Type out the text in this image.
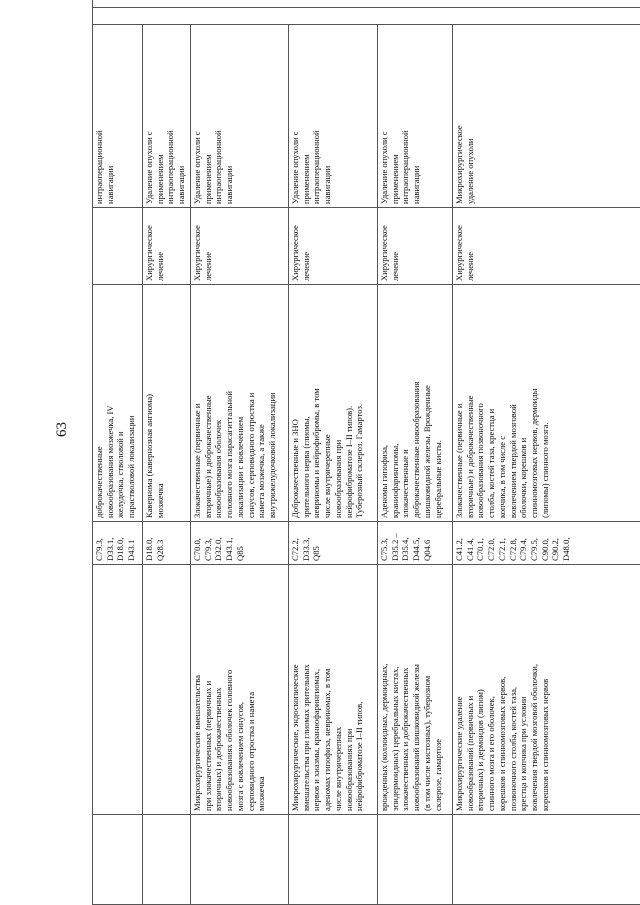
63
C79.3, D33.1, D18.0, D43.1
доброкачественные новообразования мозжечка, IV желудочка, стволовой и параствoловой локализации
интраоперационной навигации
D18.0, Q28.3
Кавернома (кавернозная ангиома) мозжечка
Хирургическое лечение
Удаление опухоли с применением интраоперационной навигации
Микрохирургические вмешательства при злокачественных (первичных и вторичных) и доброкачественных новообразованиях оболочек головного мозга с вовлечением синусов, серповидного отростка и намета мозжечка
C70.0, C79.3, D32.0, D43.1, Q85
Злокачественные (первичные и вторичные) и доброкачественные новообразования оболочек головного мозга парасагиттальной локализации с вовлечением синусов, серповидного отростка и намета мозжечка, а также внутрижелудочковой локализации
Хирургическое лечение
Удаление опухоли с применением интраоперационной навигации
Микрохирургические, эндоскопические вмешательства при глиомах зрительных нервов и хиазмы, краниофарингиомах, аденомах гипофиза, невриномах, в том числе внутричерепных новообразованиях при нейрофиброматозе I–II типов,
C72.2, D33.3, Q85
Доброкачественные и ЗНО зрительного нерва (глиомы, невриномы и нейрофибромы, в том числе внутричерепные новообразования при нейрофиброматозе I–II типов). Туберозный склероз. Гамартоз.
Хирургическое лечение
Удаление опухоли с применением интраоперационной навигации
врожденных (коллоидных, дермоидных, эпидермоидных) церебральных кистах, злокачественных и доброкачественных новообразований шишковидной железы (в том числе кистозных), туберозном склерозе, гамартозе
C75.3, D35.2 – D35.4, D44.5, Q04.6
Аденомы гипофиза, краниофарингиомы, злокачественные и доброкачественные новообразования шишковидной железы. Врожденные церебральные кисты.
Хирургическое лечение
Удаление опухоли с применением интраоперационной навигации
Микрохирургические удаление новообразований (первичных и вторичных) и дермоидов (липом) спинного мозга и его оболочек, корешков и спинномозговых нервов, позвоночного столба, костей таза, крестца и копчика при условии вовлечения твердой мозговой оболочки, корешков и спинномозговых нервов
C41.2, C41.4, C70.1, C72.0, C72.1, C72.8, C79.4, C79.5, C90.0, C90.2, D48.0,
Злокачественные (первичные и вторичные) и доброкачественные новообразования позвоночного столба, костей таза, крестца и копчика, в том числе с вовлечением твердой мозговой оболочки, корешков и спинномозговых нервов, дермоиды (липомы) спинного мозга.
Хирургическое лечение
Микрохирургическое удаление опухоли
